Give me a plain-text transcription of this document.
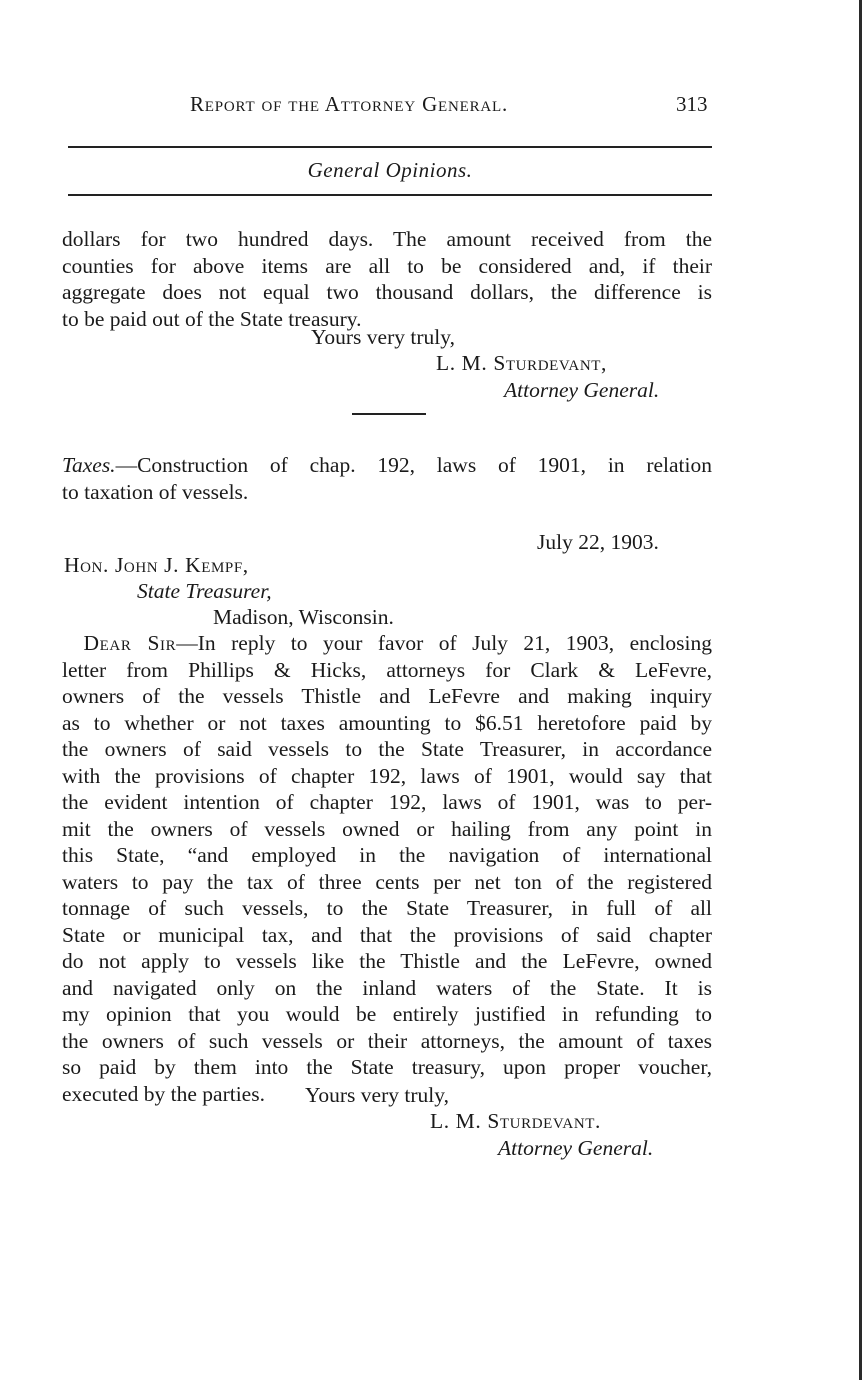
Report of the Attorney General.	313
General Opinions.
dollars for two hundred days. The amount received from the
counties for above items are all to be considered and, if their
aggregate does not equal two thousand dollars, the difference is
to be paid out of the State treasury.
Yours very truly,
L. M. Sturdevant,
Attorney General.
Taxes.—Construction of chap. 192, laws of 1901, in relation
to taxation of vessels.
July 22, 1903.
Hon. John J. Kempf,
State Treasurer,
Madison, Wisconsin.
 Dear Sir—In reply to your favor of July 21, 1903, enclosing
letter from Phillips & Hicks, attorneys for Clark & LeFevre,
owners of the vessels Thistle and LeFevre and making inquiry
as to whether or not taxes amounting to $6.51 heretofore paid by
the owners of said vessels to the State Treasurer, in accordance
with the provisions of chapter 192, laws of 1901, would say that
the evident intention of chapter 192, laws of 1901, was to per-
mit the owners of vessels owned or hailing from any point in
this State, “and employed in the navigation of international
waters to pay the tax of three cents per net ton of the registered
tonnage of such vessels, to the State Treasurer, in full of all
State or municipal tax, and that the provisions of said chapter
do not apply to vessels like the Thistle and the LeFevre, owned
and navigated only on the inland waters of the State. It is
my opinion that you would be entirely justified in refunding to
the owners of such vessels or their attorneys, the amount of taxes
so paid by them into the State treasury, upon proper voucher,
executed by the parties.	Yours very truly,
L. M. Sturdevant.
Attorney General.
